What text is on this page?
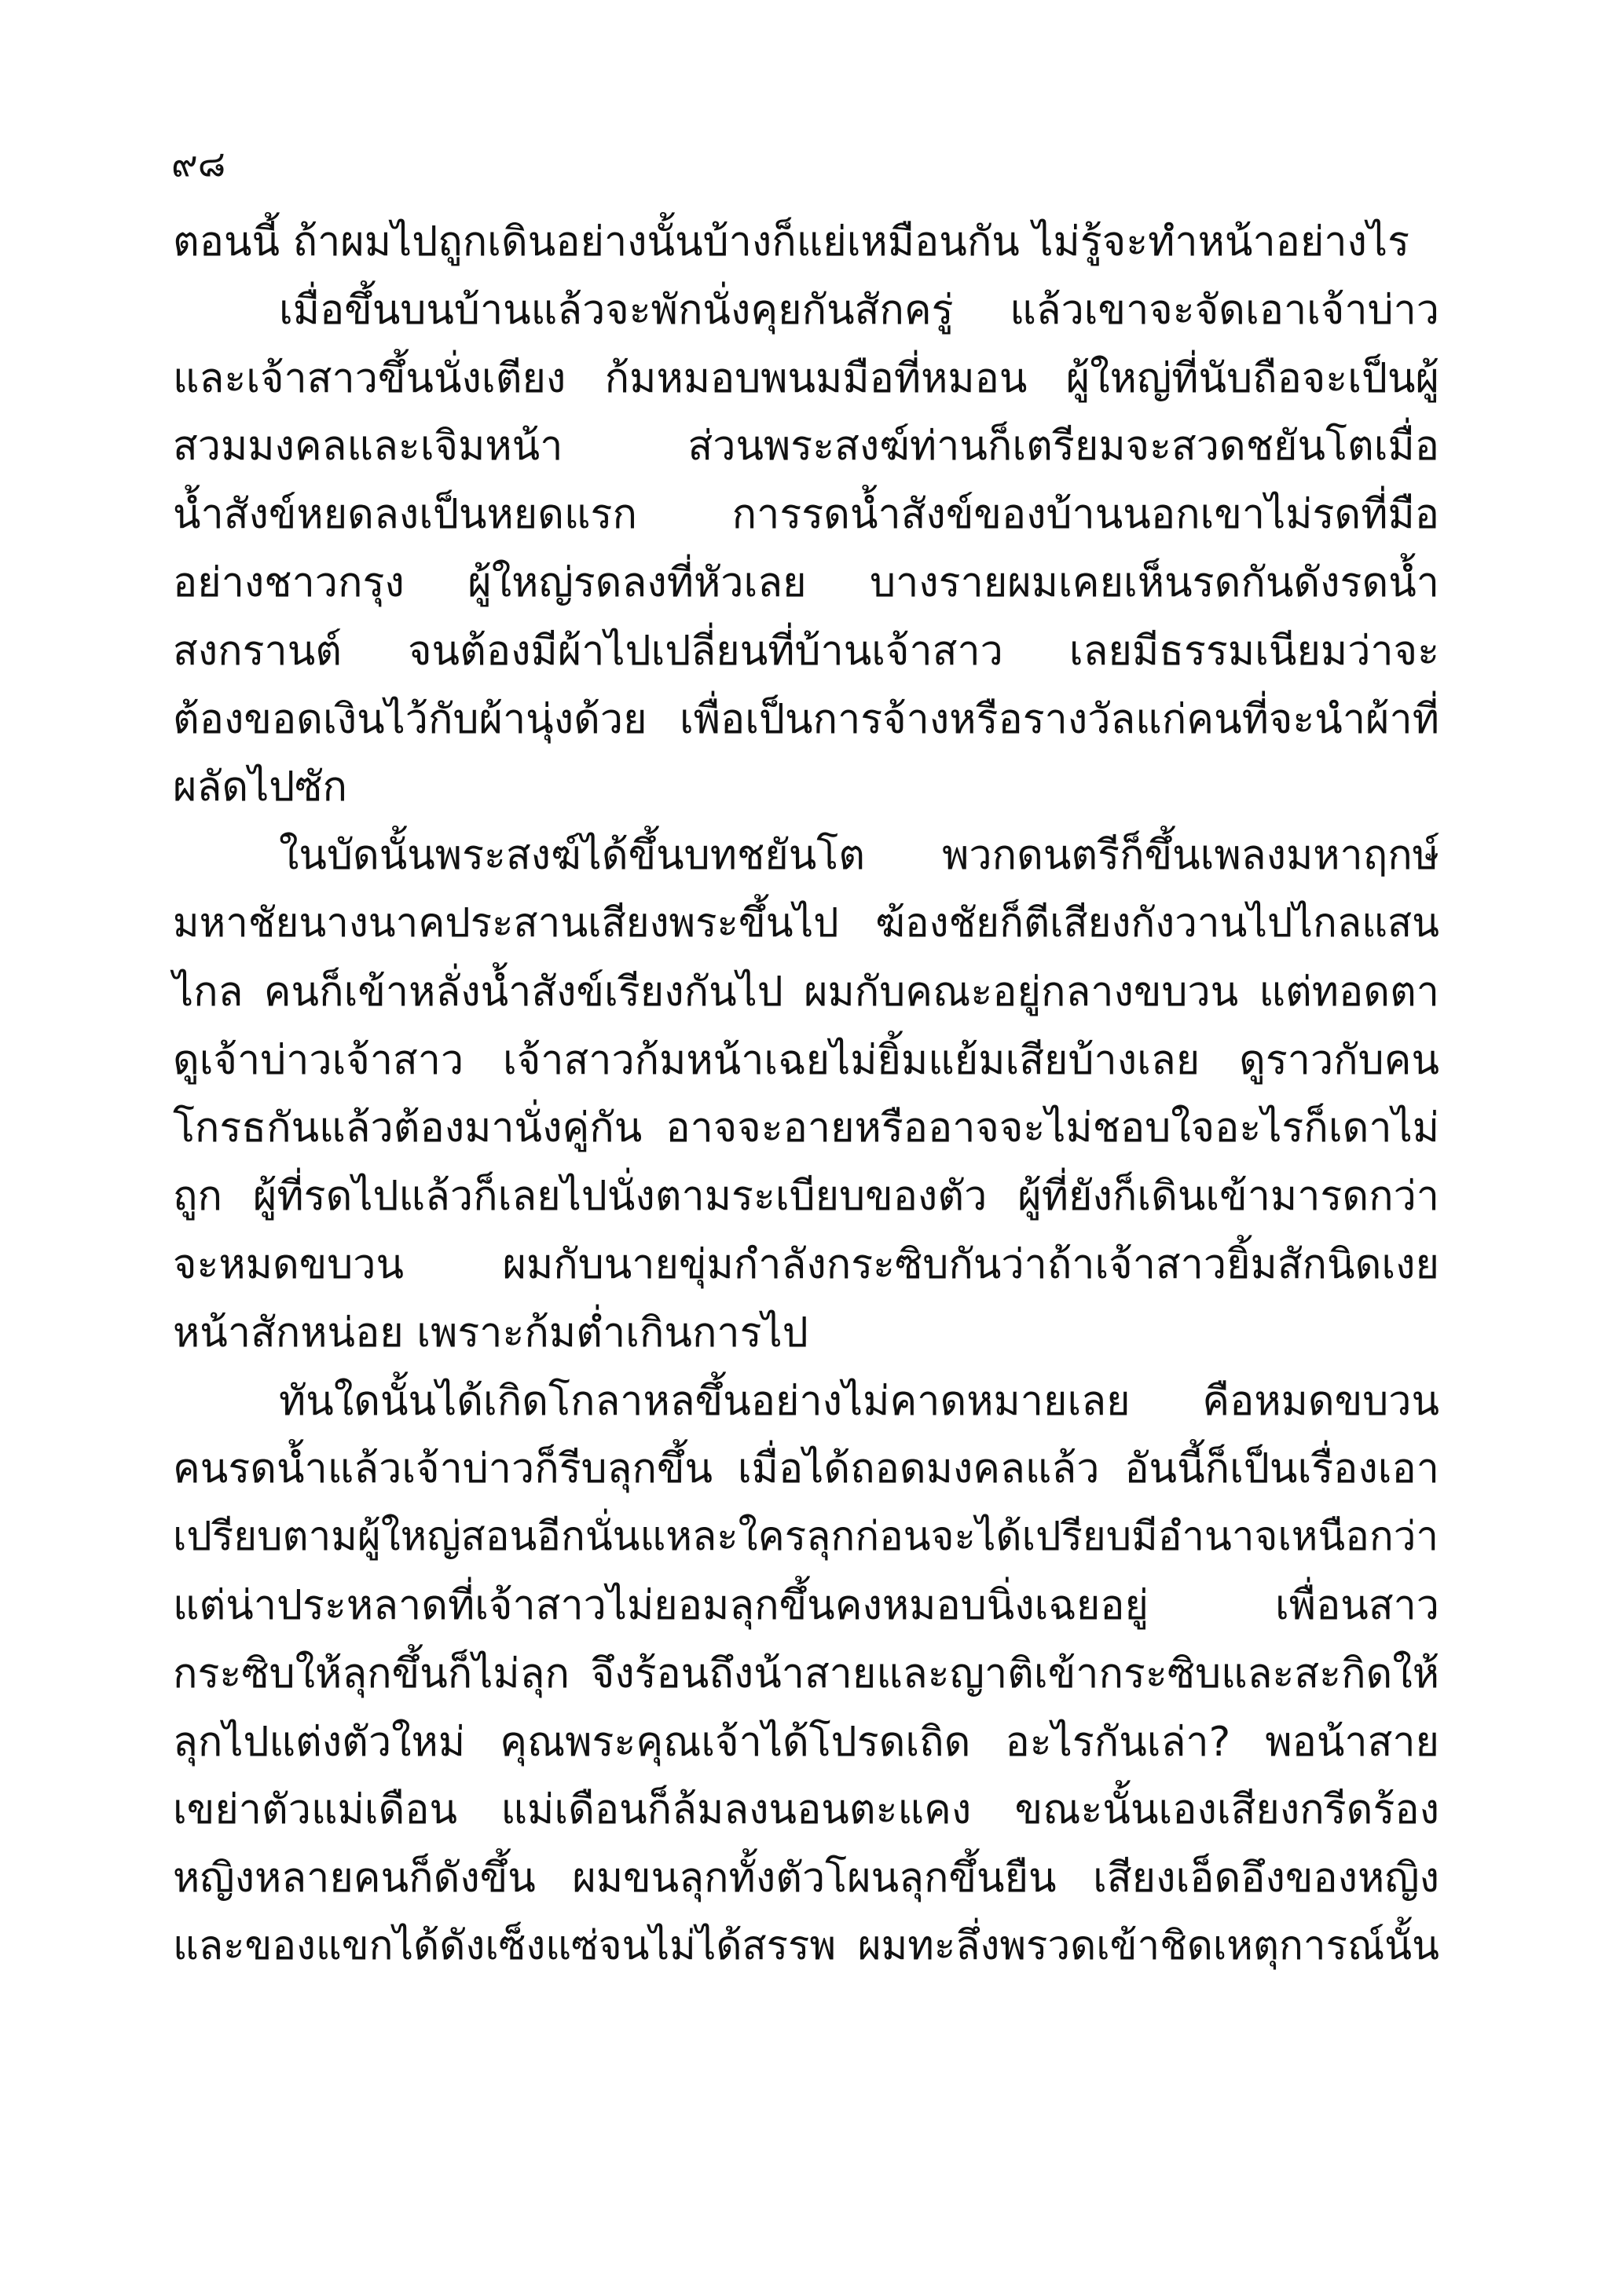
๙๘
ตอนนี้ ถ้าผมไปถูกเดินอย่างนั้นบ้างก็แย่เหมือนกัน ไม่รู้จะทำหน้าอย่างไร
เมื่อขึ้นบนบ้านแล้วจะพักนั่งคุยกันสักครู่ แล้วเขาจะจัดเอาเจ้าบ่าว
และเจ้าสาวขึ้นนั่งเตียง ก้มหมอบพนมมือที่หมอน ผู้ใหญ่ที่นับถือจะเป็นผู้
สวมมงคลและเจิมหน้า ส่วนพระสงฆ์ท่านก็เตรียมจะสวดชยันโตเมื่อ
น้ำสังข์หยดลงเป็นหยดแรก การรดน้ำสังข์ของบ้านนอกเขาไม่รดที่มือ
อย่างชาวกรุง ผู้ใหญ่รดลงที่หัวเลย บางรายผมเคยเห็นรดกันดังรดน้ำ
สงกรานต์ จนต้องมีผ้าไปเปลี่ยนที่บ้านเจ้าสาว เลยมีธรรมเนียมว่าจะ
ต้องขอดเงินไว้กับผ้านุ่งด้วย เพื่อเป็นการจ้างหรือรางวัลแก่คนที่จะนำผ้าที่
ผลัดไปซัก
ในบัดนั้นพระสงฆ์ได้ขึ้นบทชยันโต พวกดนตรีก็ขึ้นเพลงมหาฤกษ์
มหาชัยนางนาคประสานเสียงพระขึ้นไป ฆ้องชัยก็ตีเสียงกังวานไปไกลแสน
ไกล คนก็เข้าหลั่งน้ำสังข์เรียงกันไป ผมกับคณะอยู่กลางขบวน แต่ทอดตา
ดูเจ้าบ่าวเจ้าสาว เจ้าสาวก้มหน้าเฉยไม่ยิ้มแย้มเสียบ้างเลย ดูราวกับคน
โกรธกันแล้วต้องมานั่งคู่กัน อาจจะอายหรืออาจจะไม่ชอบใจอะไรก็เดาไม่
ถูก ผู้ที่รดไปแล้วก็เลยไปนั่งตามระเบียบของตัว ผู้ที่ยังก็เดินเข้ามารดกว่า
จะหมดขบวน ผมกับนายขุ่มกำลังกระซิบกันว่าถ้าเจ้าสาวยิ้มสักนิดเงย
หน้าสักหน่อย เพราะก้มต่ำเกินการไป
ทันใดนั้นได้เกิดโกลาหลขึ้นอย่างไม่คาดหมายเลย คือหมดขบวน
คนรดน้ำแล้วเจ้าบ่าวก็รีบลุกขึ้น เมื่อได้ถอดมงคลแล้ว อันนี้ก็เป็นเรื่องเอา
เปรียบตามผู้ใหญ่สอนอีกนั่นแหละใครลุกก่อนจะได้เปรียบมีอำนาจเหนือกว่า
แต่น่าประหลาดที่เจ้าสาวไม่ยอมลุกขึ้นคงหมอบนิ่งเฉยอยู่ เพื่อนสาว
กระซิบให้ลุกขึ้นก็ไม่ลุก จึงร้อนถึงน้าสายและญาติเข้ากระซิบและสะกิดให้
ลุกไปแต่งตัวใหม่ คุณพระคุณเจ้าได้โปรดเถิด อะไรกันเล่า? พอน้าสาย
เขย่าตัวแม่เดือน แม่เดือนก็ล้มลงนอนตะแคง ขณะนั้นเองเสียงกรีดร้อง
หญิงหลายคนก็ดังขึ้น ผมขนลุกทั้งตัวโผนลุกขึ้นยืน เสียงเอ็ดอึงของหญิง
และของแขกได้ดังเซ็งแซ่จนไม่ได้สรรพ ผมทะลึ่งพรวดเข้าชิดเหตุการณ์นั้น
